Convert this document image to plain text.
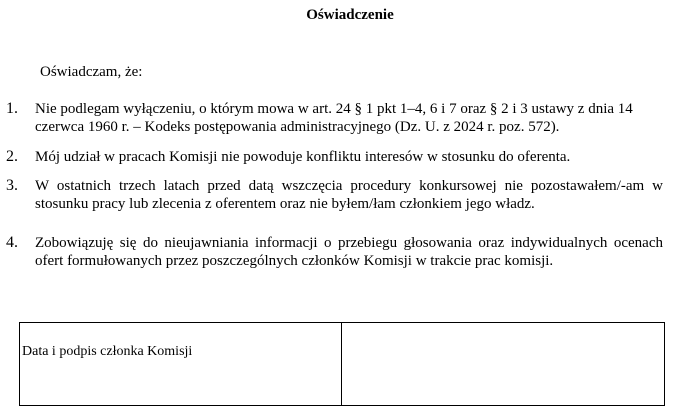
Oświadczenie
Oświadczam, że:
1. Nie podlegam wyłączeniu, o którym mowa w art. 24 § 1 pkt 1–4, 6 i 7 oraz § 2 i 3 ustawy z dnia 14 czerwca 1960 r. – Kodeks postępowania administracyjnego (Dz. U. z 2024 r. poz. 572).
2. Mój udział w pracach Komisji nie powoduje konfliktu interesów w stosunku do oferenta.
3. W ostatnich trzech latach przed datą wszczęcia procedury konkursowej nie pozostawałem/-am w stosunku pracy lub zlecenia z oferentem oraz nie byłem/łam członkiem jego władz.
4. Zobowiązuję się do nieujawniania informacji o przebiegu głosowania oraz indywidualnych ocenach ofert formułowanych przez poszczególnych członków Komisji w trakcie prac komisji.
Data i podpis członka Komisji
